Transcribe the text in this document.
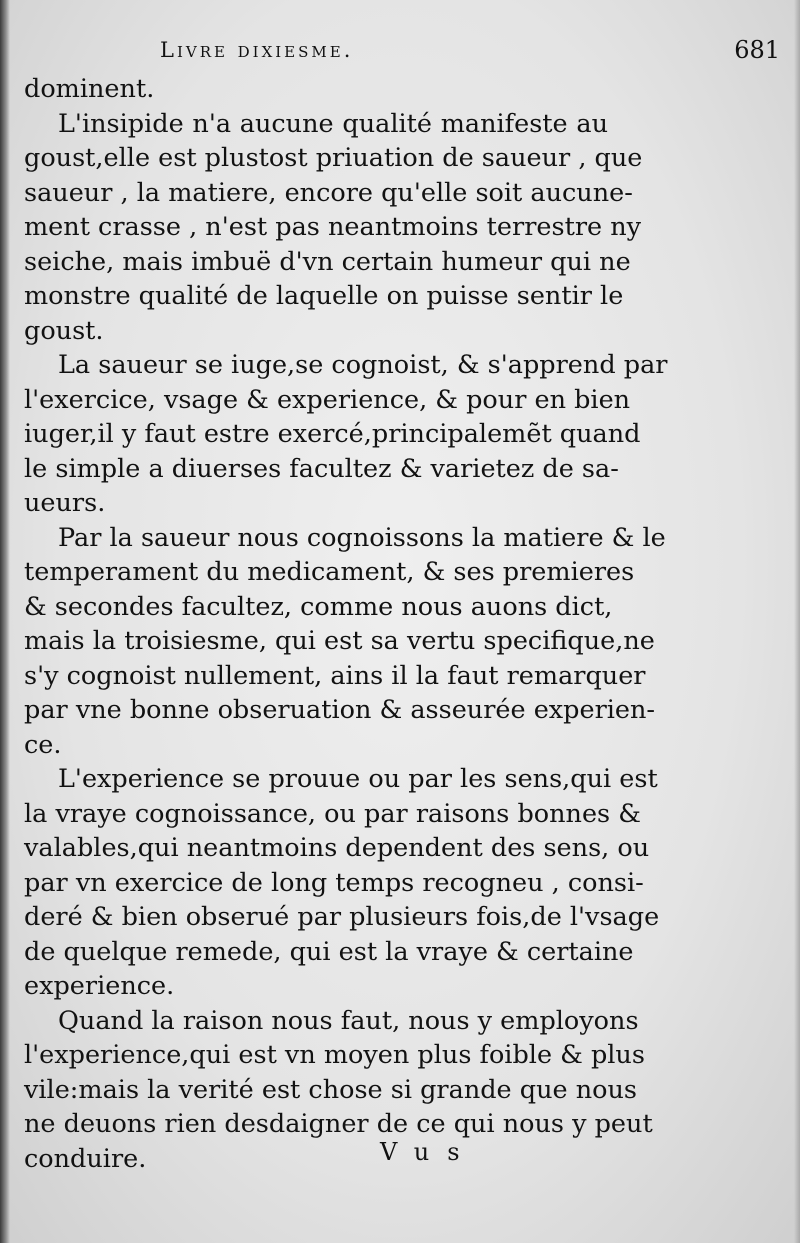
Livre dixiesme.	681

dominent.

L'insipide n'a aucune qualité manifeste au
goust,elle est plustost priuation de saueur , que
saueur , la matiere, encore qu'elle soit aucune-
ment crasse , n'est pas neantmoins terrestre ny
seiche, mais imbuë d'vn certain humeur qui ne
monstre qualité de laquelle on puisse sentir le
goust.

La saueur se iuge,se cognoist, & s'apprend par
l'exercice, vsage & experience, & pour en bien
iuger,il y faut estre exercé,principalemẽt quand
le simple a diuerses facultez & varietez de sa-
ueurs.

Par la saueur nous cognoissons la matiere & le
temperament du medicament, & ses premieres
& secondes facultez, comme nous auons dict,
mais la troisiesme, qui est sa vertu specifique,ne
s'y cognoist nullement, ains il la faut remarquer
par vne bonne obseruation & asseurée experien-
ce.

L'experience se prouue ou par les sens,qui est
la vraye cognoissance, ou par raisons bonnes &
valables,qui neantmoins dependent des sens, ou
par vn exercice de long temps recogneu , consi-
deré & bien obserué par plusieurs fois,de l'vsage
de quelque remede, qui est la vraye & certaine
experience.

Quand la raison nous faut, nous y employons
l'experience,qui est vn moyen plus foible & plus
vile:mais la verité est chose si grande que nous
ne deuons rien desdaigner de ce qui nous y peut
conduire.	Vus
